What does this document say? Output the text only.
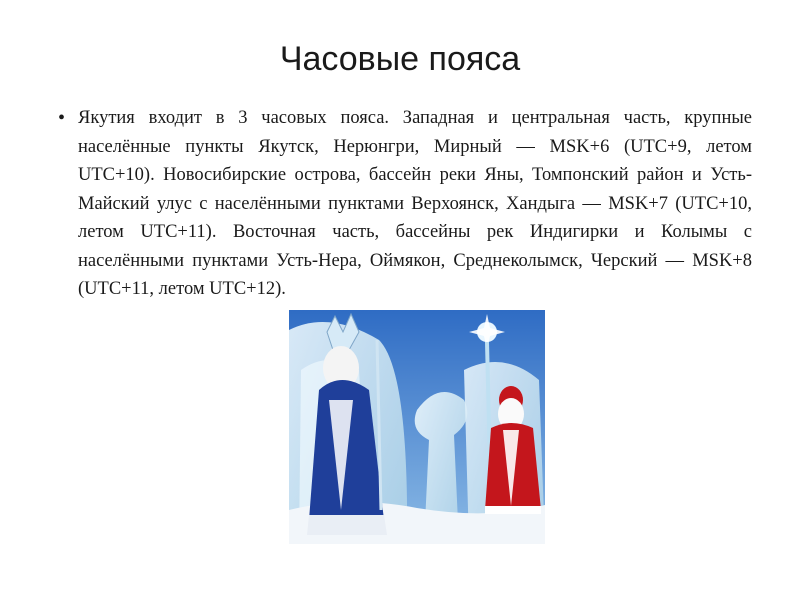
Часовые пояса
• Якутия входит в 3 часовых пояса. Западная и центральная часть, крупные населённые пункты Якутск, Нерюнгри, Мирный — MSK+6 (UTC+9, летом UTC+10). Новосибирские острова, бассейн реки Яны, Томпонский район и Усть-Майский улус с населёнными пунктами Верхоянск, Хандыга — MSK+7 (UTC+10, летом UTC+11). Восточная часть, бассейны рек Индигирки и Колымы с населёнными пунктами Усть-Нера, Оймякон, Среднеколымск, Черский — MSK+8 (UTC+11, летом UTC+12).
